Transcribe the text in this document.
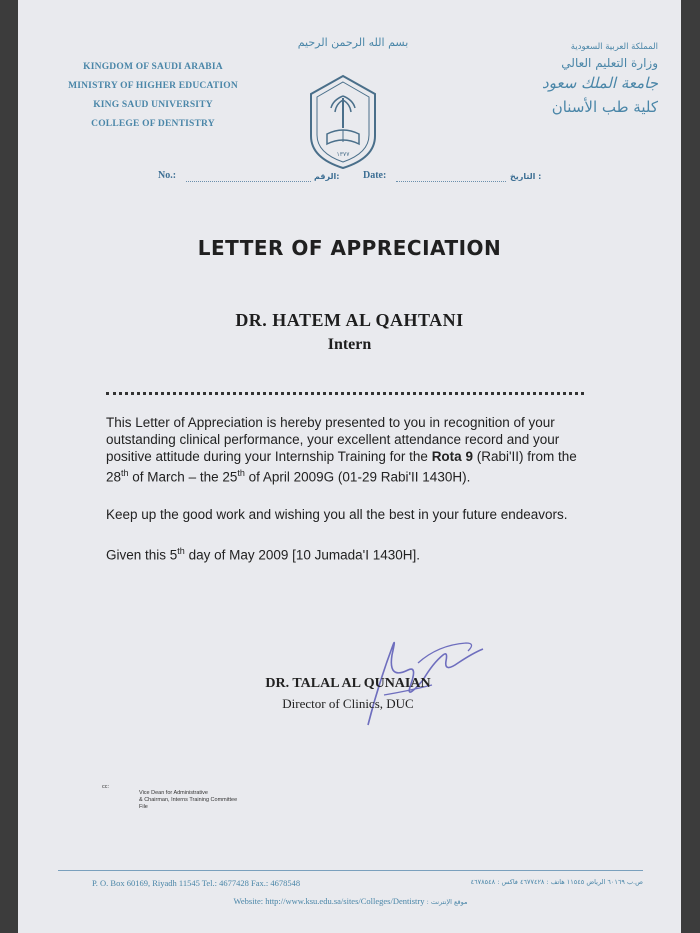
KINGDOM OF SAUDI ARABIA
MINISTRY OF HIGHER EDUCATION
KING SAUD UNIVERSITY
COLLEGE OF DENTISTRY
بسم الله الرحمن الرحيم
١٣٧٧
المملكة العربية السعودية
وزارة التعليم العالي
جامعة الملك سعود
كلية طب الأسنان
No.:	الرقم: Date:	التاريخ :
LETTER OF APPRECIATION
DR. HATEM AL QAHTANI
Intern

This Letter of Appreciation is hereby presented to you in recognition of your outstanding clinical performance, your excellent attendance record and your positive attitude during your Internship Training for the Rota 9 (Rabi'II) from the 28th of March – the 25th of April 2009G (01-29 Rabi'II 1430H).

Keep up the good work and wishing you all the best in your future endeavors.

Given this 5th day of May 2009 [10 Jumada'I 1430H].

DR. TALAL AL QUNAIAN
Director of Clinics, DUC
cc:
Vice Dean for Administrative
& Chairman, Interns Training Committee
File
P. O. Box 60169, Riyadh 11545 Tel.: 4677428 Fax.: 4678548	ص.ب ٦٠١٦٩ الرياض ١١٥٤٥ هاتف : ٤٦٧٧٤٢٨ فاكس : ٤٦٧٨٥٤٨
Website: http://www.ksu.edu.sa/sites/Colleges/Dentistry : موقع الإنترنت
